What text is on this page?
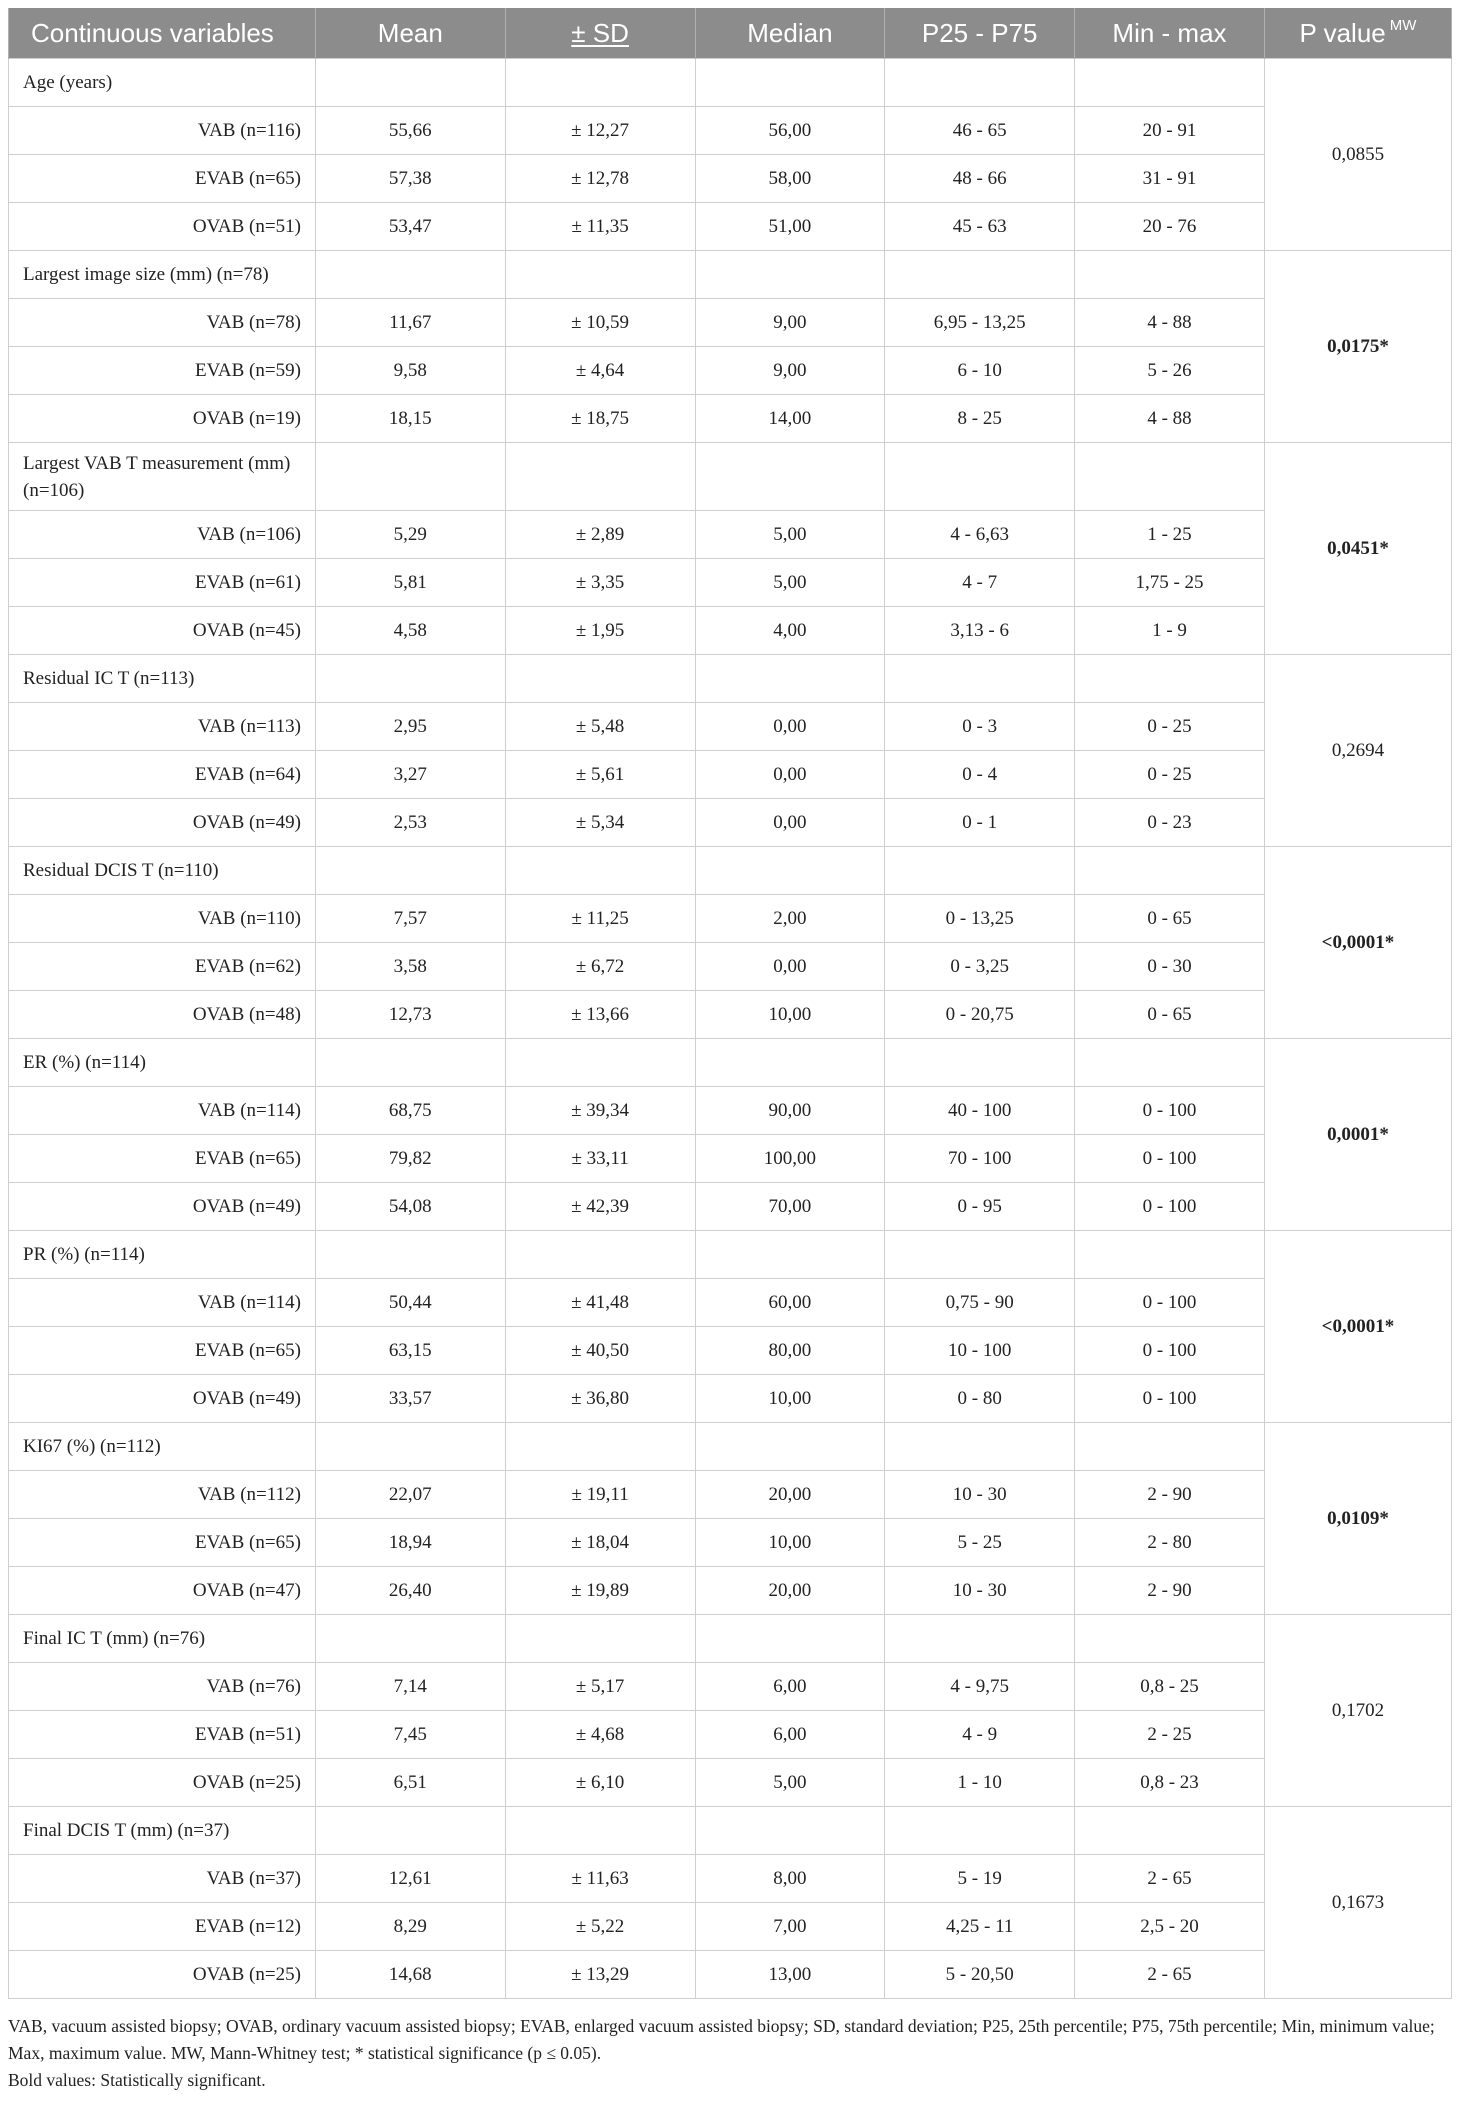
Continuous variables	Mean	± SD	Median	P25 - P75	Min - max	P value $^{MW}$
Age (years)						0,0855
VAB (n=116)	55,66	± 12,27	56,00	46 - 65	20 - 91	
EVAB (n=65)	57,38	± 12,78	58,00	48 - 66	31 - 91	
OVAB (n=51)	53,47	± 11,35	51,00	45 - 63	20 - 76	
Largest image size (mm) (n=78)						0,0175*
VAB (n=78)	11,67	± 10,59	9,00	6,95 - 13,25	4 - 88	
EVAB (n=59)	9,58	± 4,64	9,00	6 - 10	5 - 26	
OVAB (n=19)	18,15	± 18,75	14,00	8 - 25	4 - 88	
Largest VAB T measurement (mm) (n=106)						0,0451*
VAB (n=106)	5,29	± 2,89	5,00	4 - 6,63	1 - 25	
EVAB (n=61)	5,81	± 3,35	5,00	4 - 7	1,75 - 25	
OVAB (n=45)	4,58	± 1,95	4,00	3,13 - 6	1 - 9	
Residual IC T (n=113)						0,2694
VAB (n=113)	2,95	± 5,48	0,00	0 - 3	0 - 25	
EVAB (n=64)	3,27	± 5,61	0,00	0 - 4	0 - 25	
OVAB (n=49)	2,53	± 5,34	0,00	0 - 1	0 - 23	
Residual DCIS T (n=110)						<0,0001*
VAB (n=110)	7,57	± 11,25	2,00	0 - 13,25	0 - 65	
EVAB (n=62)	3,58	± 6,72	0,00	0 - 3,25	0 - 30	
OVAB (n=48)	12,73	± 13,66	10,00	0 - 20,75	0 - 65	
ER (%) (n=114)						0,0001*
VAB (n=114)	68,75	± 39,34	90,00	40 - 100	0 - 100	
EVAB (n=65)	79,82	± 33,11	100,00	70 - 100	0 - 100	
OVAB (n=49)	54,08	± 42,39	70,00	0 - 95	0 - 100	
PR (%) (n=114)						<0,0001*
VAB (n=114)	50,44	± 41,48	60,00	0,75 - 90	0 - 100	
EVAB (n=65)	63,15	± 40,50	80,00	10 - 100	0 - 100	
OVAB (n=49)	33,57	± 36,80	10,00	0 - 80	0 - 100	
KI67 (%) (n=112)						0,0109*
VAB (n=112)	22,07	± 19,11	20,00	10 - 30	2 - 90	
EVAB (n=65)	18,94	± 18,04	10,00	5 - 25	2 - 80	
OVAB (n=47)	26,40	± 19,89	20,00	10 - 30	2 - 90	
Final IC T (mm) (n=76)						0,1702
VAB (n=76)	7,14	± 5,17	6,00	4 - 9,75	0,8 - 25	
EVAB (n=51)	7,45	± 4,68	6,00	4 - 9	2 - 25	
OVAB (n=25)	6,51	± 6,10	5,00	1 - 10	0,8 - 23	
Final DCIS T (mm) (n=37)						0,1673
VAB (n=37)	12,61	± 11,63	8,00	5 - 19	2 - 65	
EVAB (n=12)	8,29	± 5,22	7,00	4,25 - 11	2,5 - 20	
OVAB (n=25)	14,68	± 13,29	13,00	5 - 20,50	2 - 65	

VAB, vacuum assisted biopsy; OVAB, ordinary vacuum assisted biopsy; EVAB, enlarged vacuum assisted biopsy; SD, standard deviation; P25, 25th percentile; P75, 75th percentile; Min, minimum value; Max, maximum value. MW, Mann-Whitney test; * statistical significance (p ≤ 0.05).

Bold values: Statistically significant.
